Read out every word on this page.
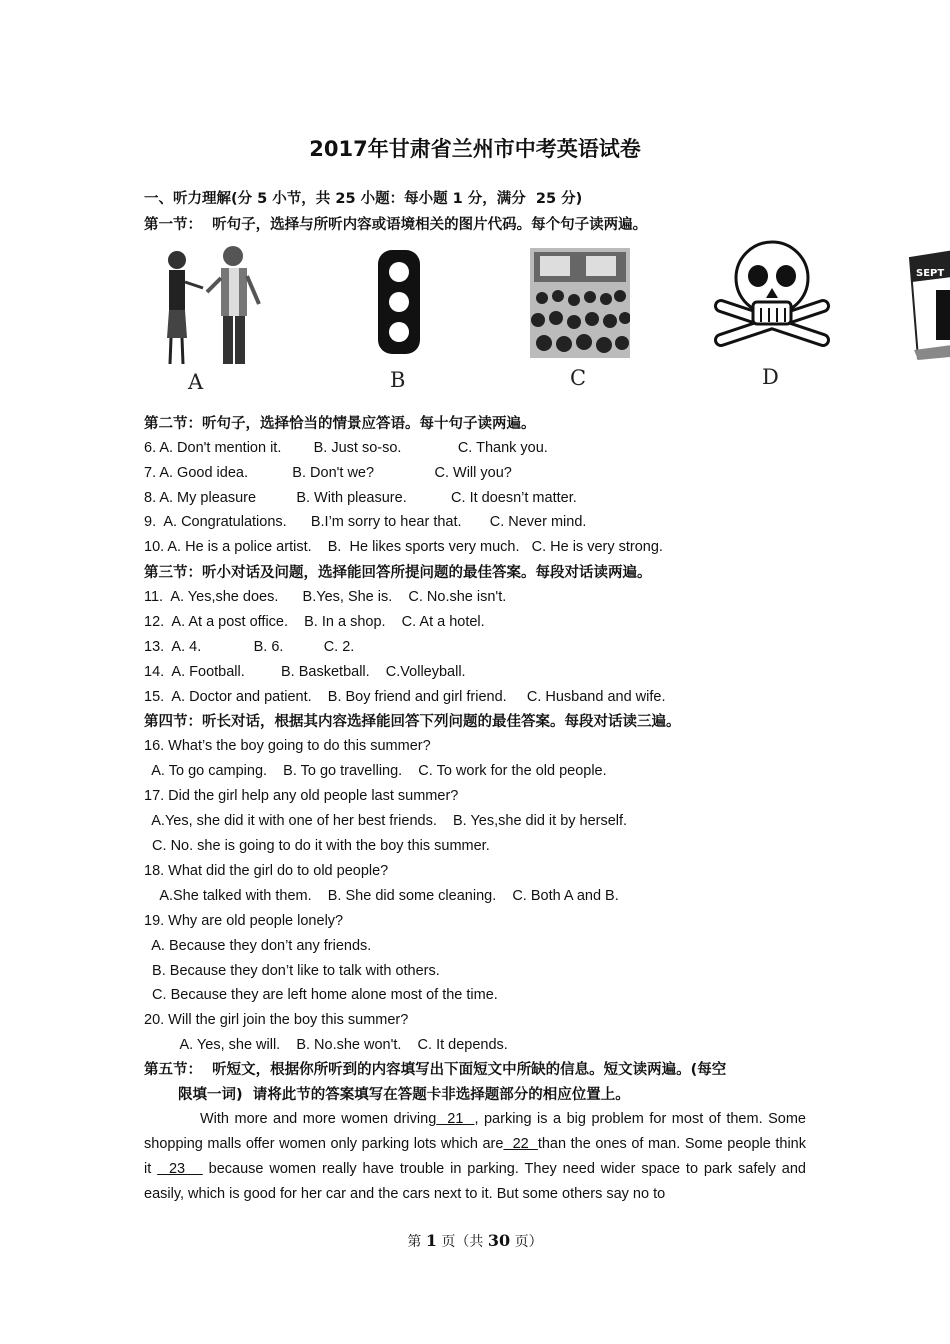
2017年甘肃省兰州市中考英语试卷
一、听力理解(分 5 小节，共 25 小题：每小题 1 分，满分  25 分)
第一节：  听句子，选择与所听内容或语境相关的图片代码。每个句子读两遍。
A	B	C	D
SEPT
第二节：听句子，选择恰当的情景应答语。每十句子读两遍。
6. A. Don't mention it.        B. Just so-so.              C. Thank you.
7. A. Good idea.           B. Don't we?               C. Will you?
8. A. My pleasure          B. With pleasure.           C. It doesn’t matter.
9.  A. Congratulations.      B.I’m sorry to hear that.       C. Never mind.
10. A. He is a police artist.    B.  He likes sports very much.   C. He is very strong.
第三节：听小对话及问题，选择能回答所提问题的最佳答案。每段对话读两遍。
11.  A. Yes,she does.      B.Yes, She is.    C. No.she isn't.
12.  A. At a post office.    B. In a shop.    C. At a hotel.
13.  A. 4.             B. 6.          C. 2.
14.  A. Football.         B. Basketball.    C.Volleyball.
15.  A. Doctor and patient.    B. Boy friend and girl friend.     C. Husband and wife.
第四节：听长对话，根据其内容选择能回答下列问题的最佳答案。每段对话读三遍。
16. What’s the boy going to do this summer?
A. To go camping.    B. To go travelling.    C. To work for the old people.
17. Did the girl help any old people last summer?
A.Yes, she did it with one of her best friends.    B. Yes,she did it by herself.
C. No. she is going to do it with the boy this summer.
18. What did the girl do to old people?
A.She talked with them.    B. She did some cleaning.    C. Both A and B.
19. Why are old people lonely?
A. Because they don’t any friends.
B. Because they don’t like to talk with others.
C. Because they are left home alone most of the time.
20. Will the girl join the boy this summer?
A. Yes, she will.    B. No.she won't.    C. It depends.
第五节：  听短文，根据你所听到的内容填写出下面短文中所缺的信息。短文读两遍。(每空
限填一词)  请将此节的答案填写在答题卡非选择题部分的相应位置上。
With more and more women driving  21  , parking is a big problem for most of them. Some shopping malls offer women only parking lots which are  22  than the ones of man. Some people think it   23    because women really have trouble in parking. They need wider space to park safely and easily, which is good for her car and the cars next to it. But some others say no to
第 1 页（共 30 页）
